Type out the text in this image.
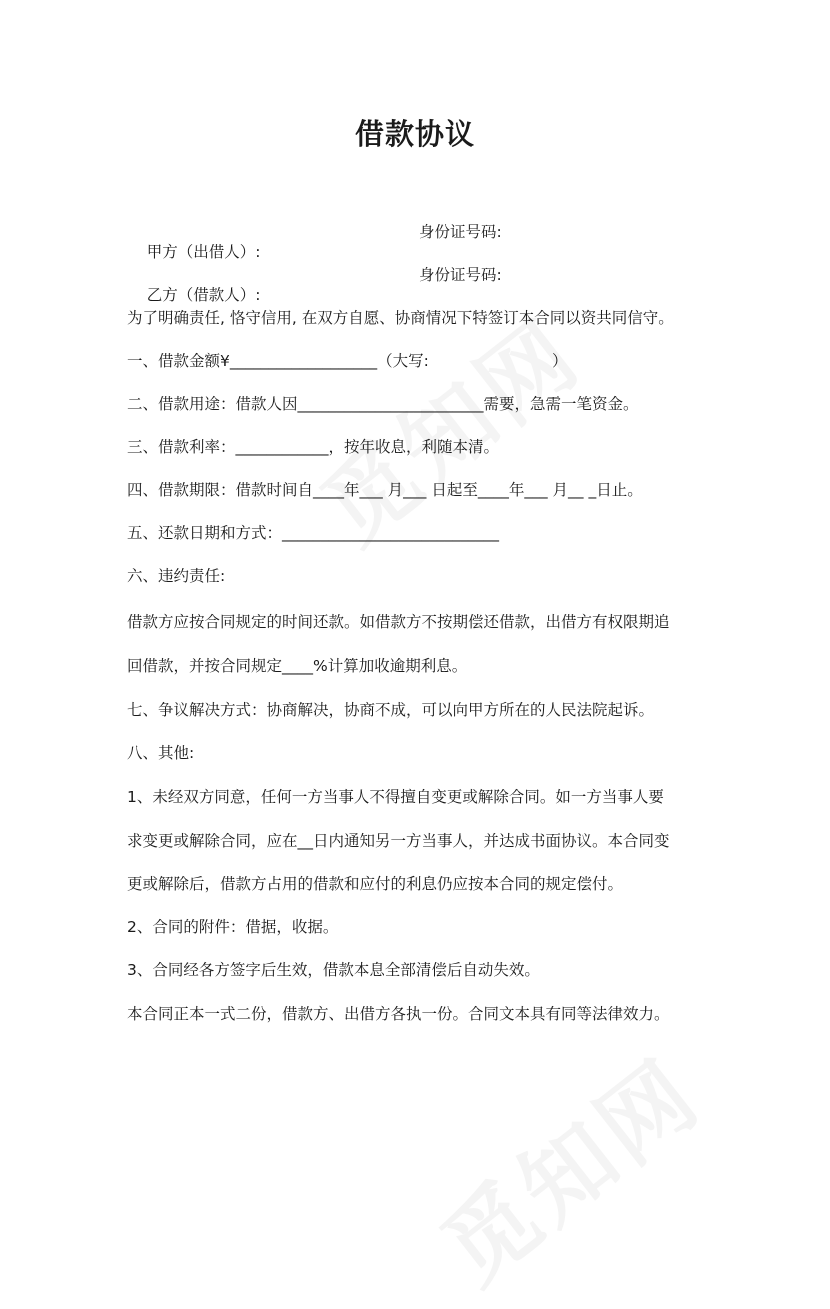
借款协议

甲方（出借人）:

身份证号码:

乙方（借款人）:

身份证号码:

为了明确责任, 恪守信用, 在双方自愿、协商情况下特签订本合同以资共同信守。
一、借款金额¥___________________（大写:                         ）
二、借款用途：借款人因________________________需要，急需一笔资金。
三、借款利率：____________，按年收息，利随本清。
四、借款期限：借款时间自____年___ 月___ 日起至____年___ 月__ _日止。
五、还款日期和方式：____________________________
六、违约责任:
借款方应按合同规定的时间还款。如借款方不按期偿还借款，出借方有权限期追
回借款，并按合同规定____%计算加收逾期利息。
七、争议解决方式：协商解决，协商不成，可以向甲方所在的人民法院起诉。
八、其他:
1、未经双方同意，任何一方当事人不得擅自变更或解除合同。如一方当事人要
求变更或解除合同，应在__日内通知另一方当事人，并达成书面协议。本合同变
更或解除后，借款方占用的借款和应付的利息仍应按本合同的规定偿付。
2、合同的附件：借据，收据。
3、合同经各方签字后生效，借款本息全部清偿后自动失效。
本合同正本一式二份，借款方、出借方各执一份。合同文本具有同等法律效力。
